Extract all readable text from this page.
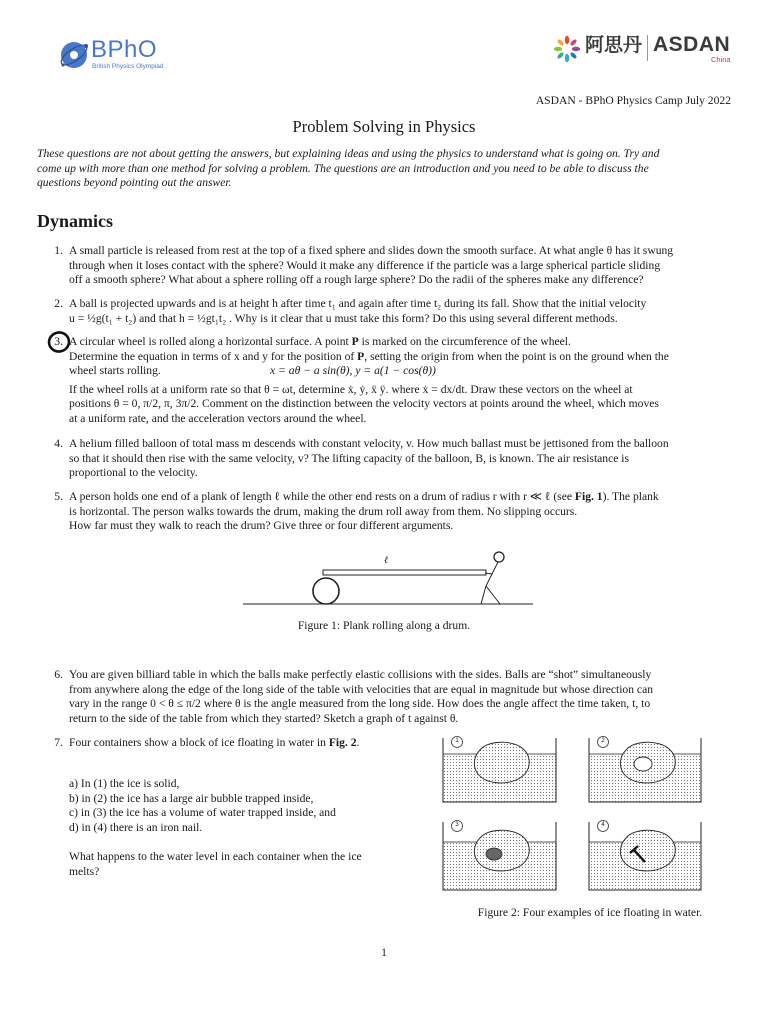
BPhO
British Physics Olympiad
阿思丹 ASDAN
China
ASDAN - BPhO Physics Camp July 2022
Problem Solving in Physics
These questions are not about getting the answers, but explaining ideas and using the physics to understand what is going on. Try and
come up with more than one method for solving a problem. The questions are an introduction and you need to be able to discuss the
questions beyond pointing out the answer.
Dynamics
1. A small particle is released from rest at the top of a fixed sphere and slides down the smooth surface. At what angle θ has it swung
through when it loses contact with the sphere? Would it make any difference if the particle was a large spherical particle sliding
off a smooth sphere? What about a sphere rolling off a rough large sphere? Do the radii of the spheres make any difference?
2. A ball is projected upwards and is at height h after time t₁ and again after time t₂ during its fall. Show that the initial velocity
u = ½g(t₁ + t₂) and that h = ½gt₁t₂ . Why is it clear that u must take this form? Do this using several different methods.
3. A circular wheel is rolled along a horizontal surface. A point P is marked on the circumference of the wheel.
Determine the equation in terms of x and y for the position of P, setting the origin from when the point is on the ground when the
wheel starts rolling.	x = aθ − a sin(θ), y = a(1 − cos(θ))
If the wheel rolls at a uniform rate so that θ = ωt, determine ẋ, ẏ, ẍ ÿ. where ẋ = dx/dt. Draw these vectors on the wheel at
positions θ = 0, π/2, π, 3π/2. Comment on the distinction between the velocity vectors at points around the wheel, which moves
at a uniform rate, and the acceleration vectors around the wheel.
4. A helium filled balloon of total mass m descends with constant velocity, v. How much ballast must be jettisoned from the balloon
so that it should then rise with the same velocity, v? The lifting capacity of the balloon, B, is known. The air resistance is
proportional to the velocity.
5. A person holds one end of a plank of length ℓ while the other end rests on a drum of radius r with r ≪ ℓ (see Fig. 1). The plank
is horizontal. The person walks towards the drum, making the drum roll away from them. No slipping occurs.
How far must they walk to reach the drum? Give three or four different arguments.
ℓ
Figure 1: Plank rolling along a drum.
6. You are given billiard table in which the balls make perfectly elastic collisions with the sides. Balls are “shot” simultaneously
from anywhere along the edge of the long side of the table with velocities that are equal in magnitude but whose direction can
vary in the range 0 < θ ≤ π/2 where θ is the angle measured from the long side. How does the angle affect the time taken, t, to
return to the side of the table from which they started? Sketch a graph of t against θ.
7. Four containers show a block of ice floating in water in Fig. 2.
a) In (1) the ice is solid,
b) in (2) the ice has a large air bubble trapped inside,
c) in (3) the ice has a volume of water trapped inside, and
d) in (4) there is an iron nail.
What happens to the water level in each container when the ice
melts?
1	2
3	4
Figure 2: Four examples of ice floating in water.
1
